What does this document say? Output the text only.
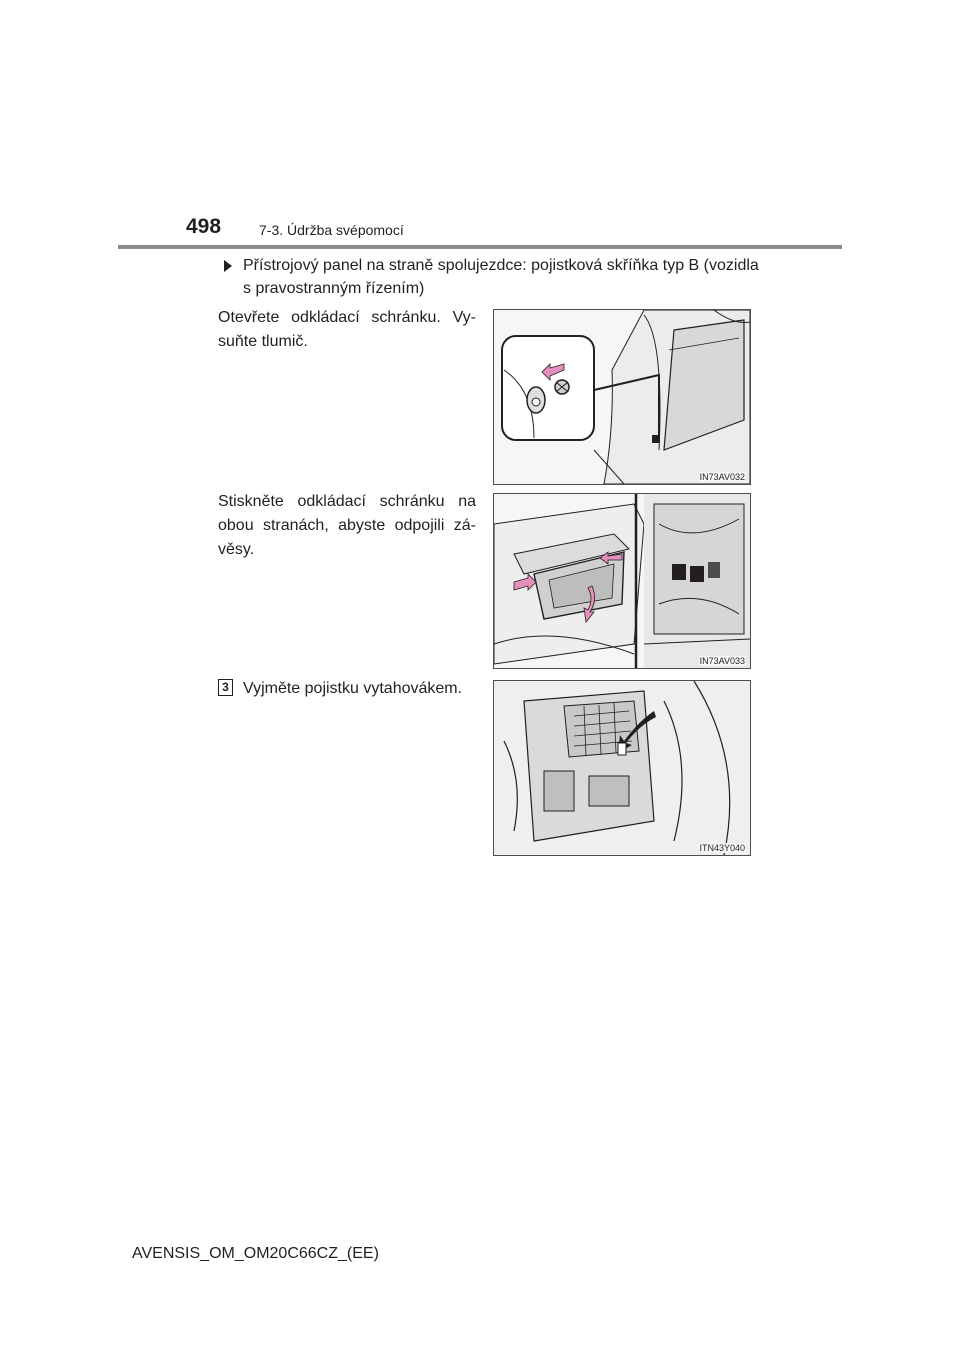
498	7-3. Údržba svépomocí
Přístrojový panel na straně spolujezdce: pojistková skříňka typ B (vozidla s pravostranným řízením)
Otevřete odkládací schránku. Vy-suňte tlumič.
Stiskněte odkládací schránku na obou stranách, abyste odpojili zá-věsy.
3 Vyjměte pojistku vytahovákem.
IN73AV032
IN73AV033
ITN43Y040
AVENSIS_OM_OM20C66CZ_(EE)
